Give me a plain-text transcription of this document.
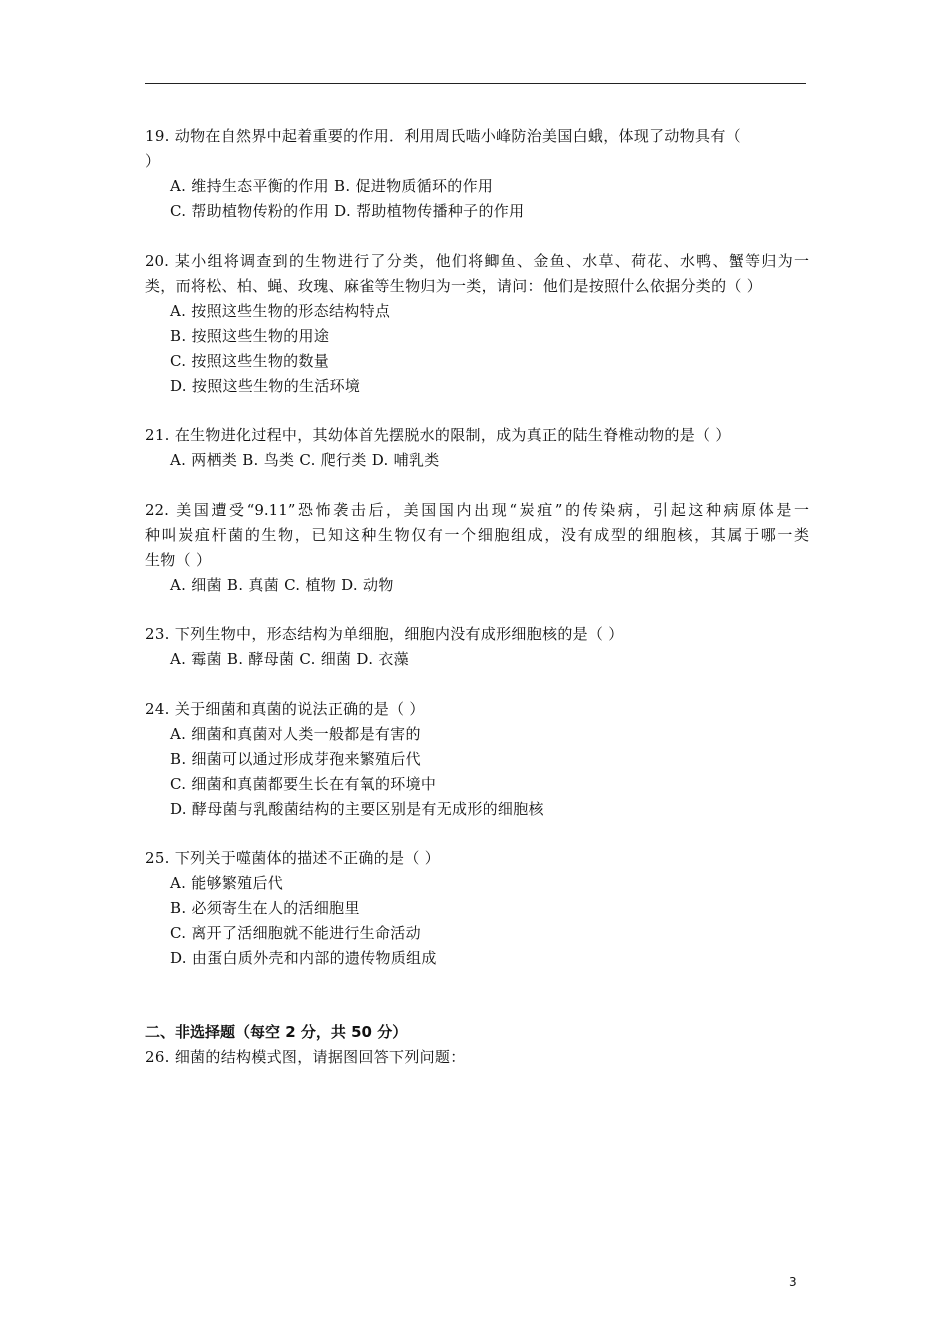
19. 动物在自然界中起着重要的作用．利用周氏啮小峰防治美国白蛾，体现了动物具有（
）
A. 维持生态平衡的作用 B. 促进物质循环的作用
C. 帮助植物传粉的作用 D. 帮助植物传播种子的作用
20. 某小组将调查到的生物进行了分类，他们将鲫鱼、金鱼、水草、荷花、水鸭、蟹等归为一
类，而将松、柏、蝇、玫瑰、麻雀等生物归为一类，请问：他们是按照什么依据分类的（ ）
A. 按照这些生物的形态结构特点
B. 按照这些生物的用途
C. 按照这些生物的数量
D. 按照这些生物的生活环境
21. 在生物进化过程中，其幼体首先摆脱水的限制，成为真正的陆生脊椎动物的是（ ）
A. 两栖类 B. 鸟类 C. 爬行类 D. 哺乳类
22. 美国遭受“9.11”恐怖袭击后，美国国内出现“炭疽”的传染病，引起这种病原体是一
种叫炭疽杆菌的生物，已知这种生物仅有一个细胞组成，没有成型的细胞核，其属于哪一类
生物（ ）
A. 细菌 B. 真菌 C. 植物 D. 动物
23. 下列生物中，形态结构为单细胞，细胞内没有成形细胞核的是（ ）
A. 霉菌 B. 酵母菌 C. 细菌 D. 衣藻
24. 关于细菌和真菌的说法正确的是（ ）
A. 细菌和真菌对人类一般都是有害的
B. 细菌可以通过形成芽孢来繁殖后代
C. 细菌和真菌都要生长在有氧的环境中
D. 酵母菌与乳酸菌结构的主要区别是有无成形的细胞核
25. 下列关于噬菌体的描述不正确的是（ ）
A. 能够繁殖后代
B. 必须寄生在人的活细胞里
C. 离开了活细胞就不能进行生命活动
D. 由蛋白质外壳和内部的遗传物质组成
二、非选择题（每空 2 分，共 50 分）
26. 细菌的结构模式图，请据图回答下列问题：
3
